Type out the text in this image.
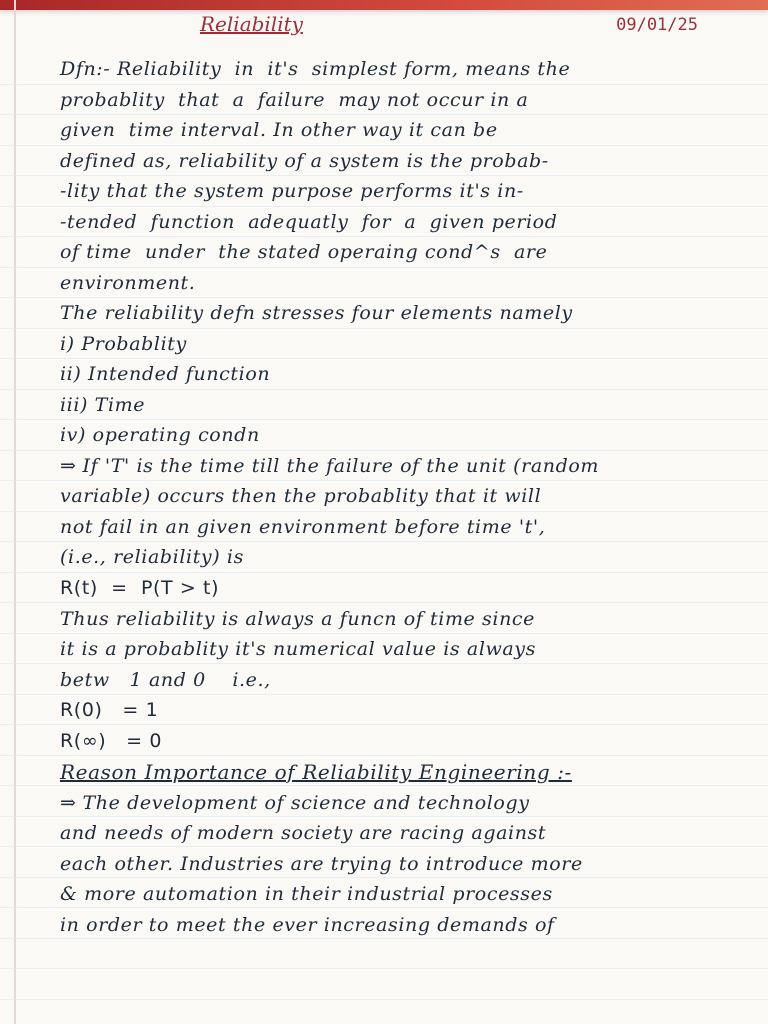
Reliability	09/01/25

Dfn:- Reliability  in  it's  simplest form, means the

probablity  that  a  failure  may not occur in a

given  time interval. In other way it can be

defined as, reliability of a system is the probab-

-lity that the system purpose performs it's in-

-tended  function  adequatly  for  a  given period

of time  under  the stated operaing cond^s  are

environment.

The reliability defn stresses four elements namely

i) Probablity

ii) Intended function

iii) Time

iv) operating condn

⇒ If 'T' is the time till the failure of the unit (random

variable) occurs then the probablity that it will

not fail in an given environment before time 't',

(i.e., reliability) is

R(t)  =  P(T > t)

Thus reliability is always a funcn of time since

it is a probablity it's numerical value is always

betw   1 and 0    i.e.,

R(0)   = 1

R(∞)   = 0

Reason Importance of Reliability Engineering :-

⇒ The development of science and technology

and needs of modern society are racing against

each other. Industries are trying to introduce more

& more automation in their industrial processes

in order to meet the ever increasing demands of
